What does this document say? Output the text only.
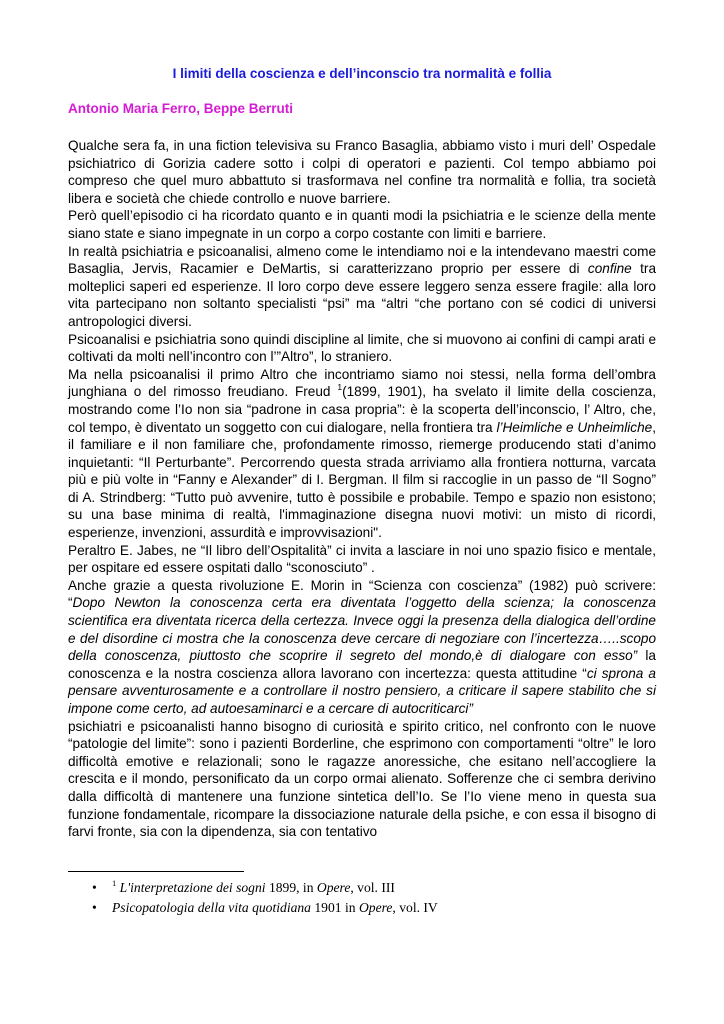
I limiti della coscienza e dell’inconscio tra normalità e follia
Antonio Maria Ferro, Beppe Berruti

Qualche sera fa, in una fiction televisiva su Franco Basaglia, abbiamo visto i muri dell’ Ospedale psichiatrico di Gorizia cadere sotto i colpi di operatori e pazienti. Col tempo abbiamo poi compreso che quel muro abbattuto si trasformava nel confine tra normalità e follia, tra società libera e società che chiede controllo e nuove barriere.

Però quell’episodio ci ha ricordato quanto e in quanti modi la psichiatria e le scienze della mente siano state e siano impegnate in un corpo a corpo costante con limiti e barriere.

In realtà psichiatria e psicoanalisi, almeno come le intendiamo noi e la intendevano maestri come Basaglia, Jervis, Racamier e DeMartis, si caratterizzano proprio per essere di confine tra molteplici saperi ed esperienze. Il loro corpo deve essere leggero senza essere fragile: alla loro vita partecipano non soltanto specialisti “psi” ma “altri “che portano con sé codici di universi antropologici diversi.

Psicoanalisi e psichiatria sono quindi discipline al limite, che si muovono ai confini di campi arati e coltivati da molti nell’incontro con l’”Altro”, lo straniero.

Ma nella psicoanalisi il primo Altro che incontriamo siamo noi stessi, nella forma dell’ombra junghiana o del rimosso freudiano. Freud $^1$(1899, 1901), ha svelato il limite della coscienza, mostrando come l’Io non sia “padrone in casa propria”: è la scoperta dell’inconscio, l’ Altro, che, col tempo, è diventato un soggetto con cui dialogare, nella frontiera tra l’Heimliche e Unheimliche, il familiare e il non familiare che, profondamente rimosso, riemerge producendo stati d’animo inquietanti: “Il Perturbante”. Percorrendo questa strada arriviamo alla frontiera notturna, varcata più e più volte in “Fanny e Alexander” di I. Bergman. Il film si raccoglie in un passo de “Il Sogno” di A. Strindberg: “Tutto può avvenire, tutto è possibile e probabile. Tempo e spazio non esistono; su una base minima di realtà, l'immaginazione disegna nuovi motivi: un misto di ricordi, esperienze, invenzioni, assurdità e improvvisazioni".

Peraltro E. Jabes, ne “Il libro dell’Ospitalità” ci invita a lasciare in noi uno spazio fisico e mentale, per ospitare ed essere ospitati dallo “sconosciuto” .

Anche grazie a questa rivoluzione E. Morin in “Scienza con coscienza” (1982) può scrivere: “Dopo Newton la conoscenza certa era diventata l’oggetto della scienza; la conoscenza scientifica era diventata ricerca della certezza. Invece oggi la presenza della dialogica dell’ordine e del disordine ci mostra che la conoscenza deve cercare di negoziare con l’incertezza…..scopo della conoscenza, piuttosto che scoprire il segreto del mondo,è di dialogare con esso” la conoscenza e la nostra coscienza allora lavorano con incertezza: questa attitudine “ci sprona a pensare avventurosamente e a controllare il nostro pensiero, a criticare il sapere stabilito che si impone come certo, ad autoesaminarci e a cercare di autocriticarci”

psichiatri e psicoanalisti hanno bisogno di curiosità e spirito critico, nel confronto con le nuove “patologie del limite”: sono i pazienti Borderline, che esprimono con comportamenti “oltre” le loro difficoltà emotive e relazionali; sono le ragazze anoressiche, che esitano nell’accogliere la crescita e il mondo, personificato da un corpo ormai alienato. Sofferenze che ci sembra derivino dalla difficoltà di mantenere una funzione sintetica dell’Io. Se l’Io viene meno in questa sua funzione fondamentale, ricompare la dissociazione naturale della psiche, e con essa il bisogno di farvi fronte, sia con la dipendenza, sia con tentativo

• $^1$ L'interpretazione dei sogni 1899, in Opere, vol. III
• Psicopatologia della vita quotidiana 1901 in Opere, vol. IV
